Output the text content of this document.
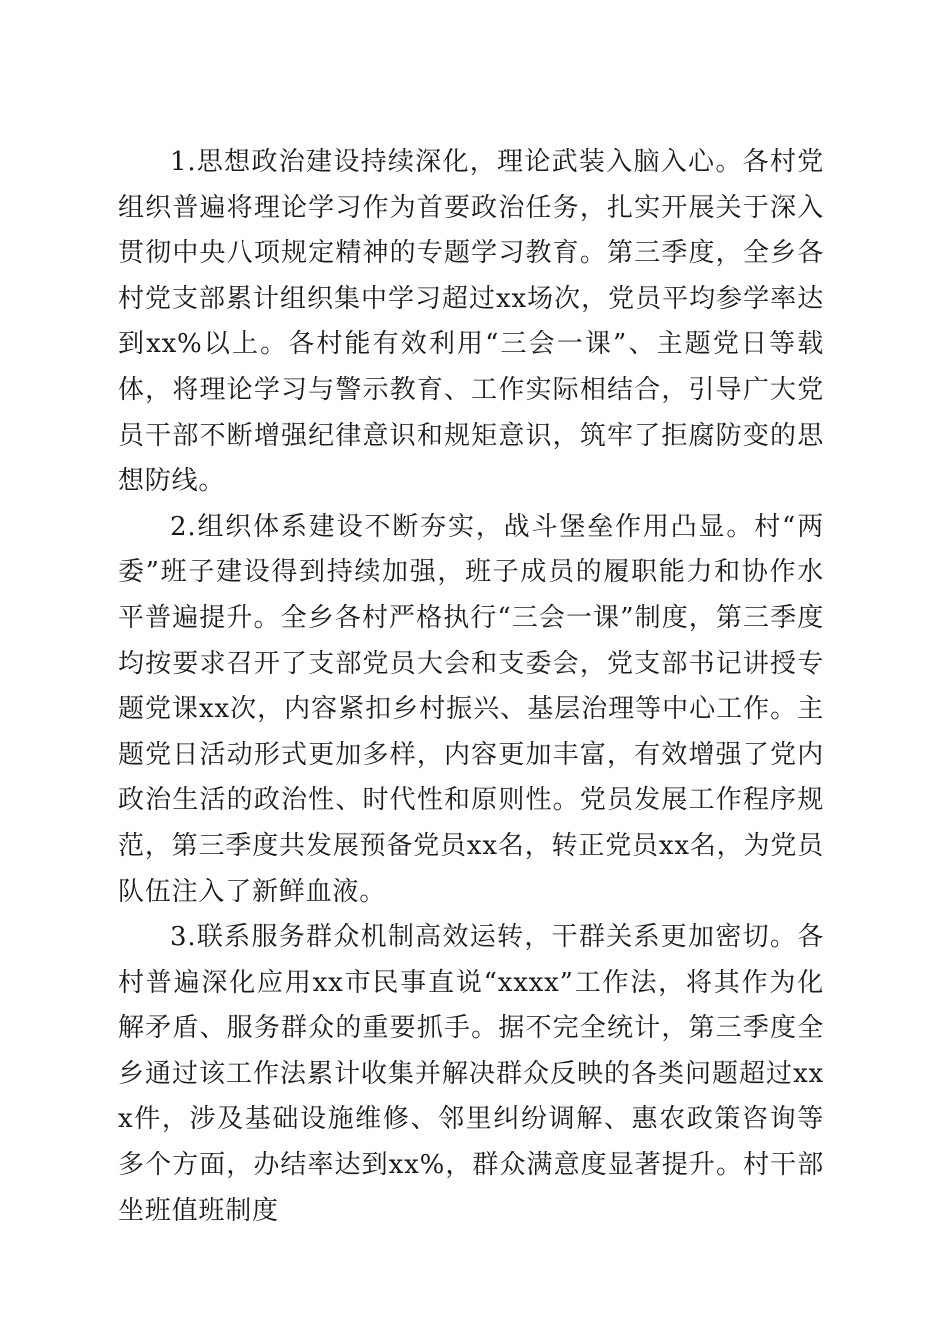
1.思想政治建设持续深化，理论武装入脑入心。各村党组织普遍将理论学习作为首要政治任务，扎实开展关于深入贯彻中央八项规定精神的专题学习教育。第三季度，全乡各村党支部累计组织集中学习超过xx场次，党员平均参学率达到xx%以上。各村能有效利用“三会一课”、主题党日等载体，将理论学习与警示教育、工作实际相结合，引导广大党员干部不断增强纪律意识和规矩意识，筑牢了拒腐防变的思想防线。

2.组织体系建设不断夯实，战斗堡垒作用凸显。村“两委”班子建设得到持续加强，班子成员的履职能力和协作水平普遍提升。全乡各村严格执行“三会一课”制度，第三季度均按要求召开了支部党员大会和支委会，党支部书记讲授专题党课xx次，内容紧扣乡村振兴、基层治理等中心工作。主题党日活动形式更加多样，内容更加丰富，有效增强了党内政治生活的政治性、时代性和原则性。党员发展工作程序规范，第三季度共发展预备党员xx名，转正党员xx名，为党员队伍注入了新鲜血液。

3.联系服务群众机制高效运转，干群关系更加密切。各村普遍深化应用xx市民事直说“xxxx”工作法，将其作为化解矛盾、服务群众的重要抓手。据不完全统计，第三季度全乡通过该工作法累计收集并解决群众反映的各类问题超过xxx件，涉及基础设施维修、邻里纠纷调解、惠农政策咨询等多个方面，办结率达到xx%，群众满意度显著提升。村干部坐班值班制度
